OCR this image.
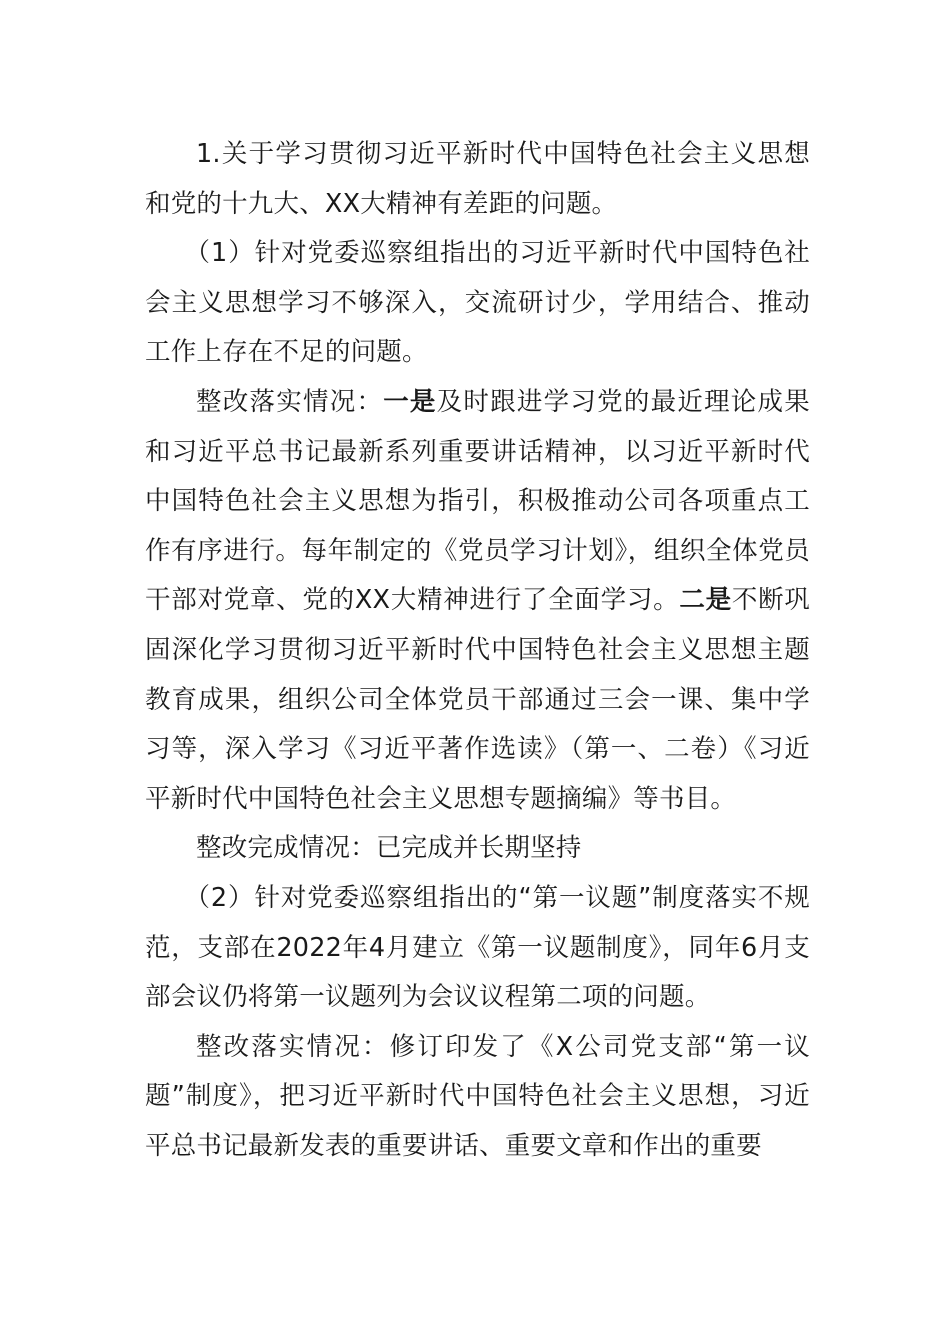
1.关于学习贯彻习近平新时代中国特色社会主义思想和党的十九大、XX大精神有差距的问题。

（1）针对党委巡察组指出的习近平新时代中国特色社会主义思想学习不够深入，交流研讨少，学用结合、推动工作上存在不足的问题。

整改落实情况：一是及时跟进学习党的最近理论成果和习近平总书记最新系列重要讲话精神，以习近平新时代中国特色社会主义思想为指引，积极推动公司各项重点工作有序进行。每年制定的《党员学习计划》，组织全体党员干部对党章、党的XX大精神进行了全面学习。二是不断巩固深化学习贯彻习近平新时代中国特色社会主义思想主题教育成果，组织公司全体党员干部通过三会一课、集中学习等，深入学习《习近平著作选读》（第一、二卷）《习近平新时代中国特色社会主义思想专题摘编》等书目。

整改完成情况：已完成并长期坚持

（2）针对党委巡察组指出的“第一议题”制度落实不规范，支部在2022年4月建立《第一议题制度》，同年6月支部会议仍将第一议题列为会议议程第二项的问题。

整改落实情况：修订印发了《X公司党支部“第一议题”制度》，把习近平新时代中国特色社会主义思想，习近平总书记最新发表的重要讲话、重要文章和作出的重要
